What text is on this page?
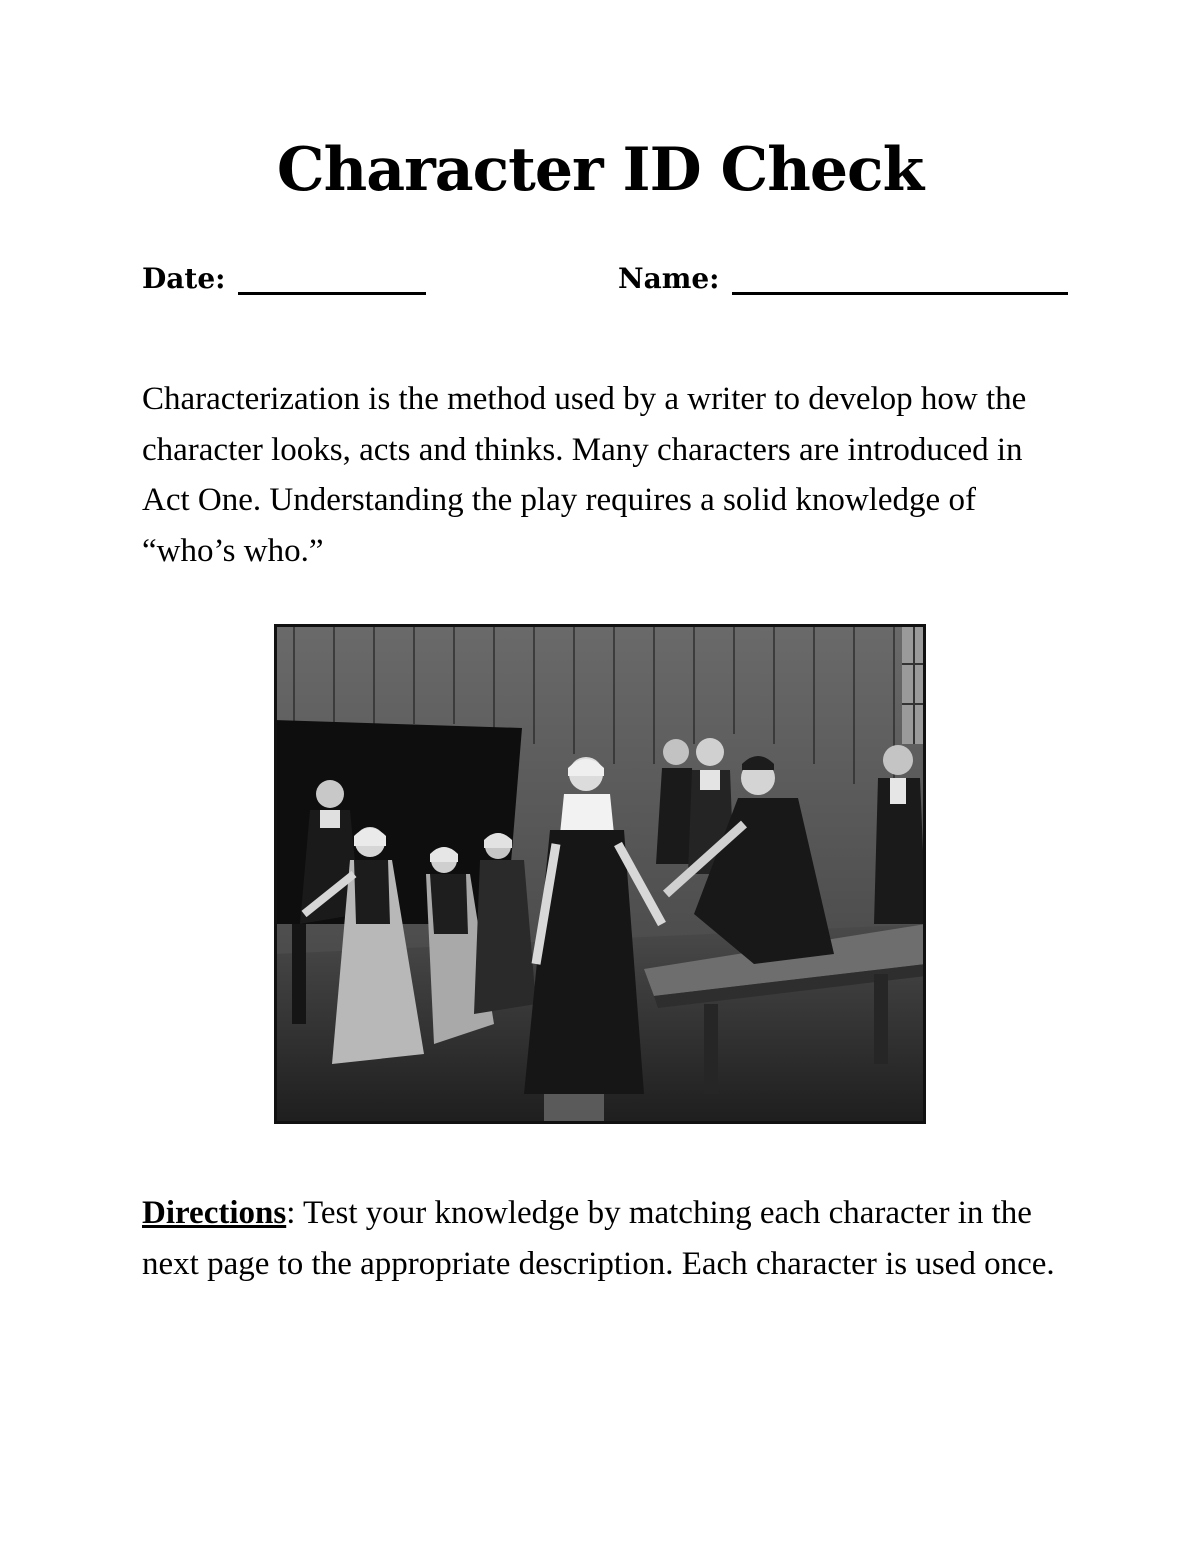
Character ID Check
Date:	Name:

Characterization is the method used by a writer to develop how the character looks, acts and thinks. Many characters are introduced in Act One. Understanding the play requires a solid knowledge of “who’s who.”

Directions: Test your knowledge by matching each character in the next page to the appropriate description. Each character is used once.
